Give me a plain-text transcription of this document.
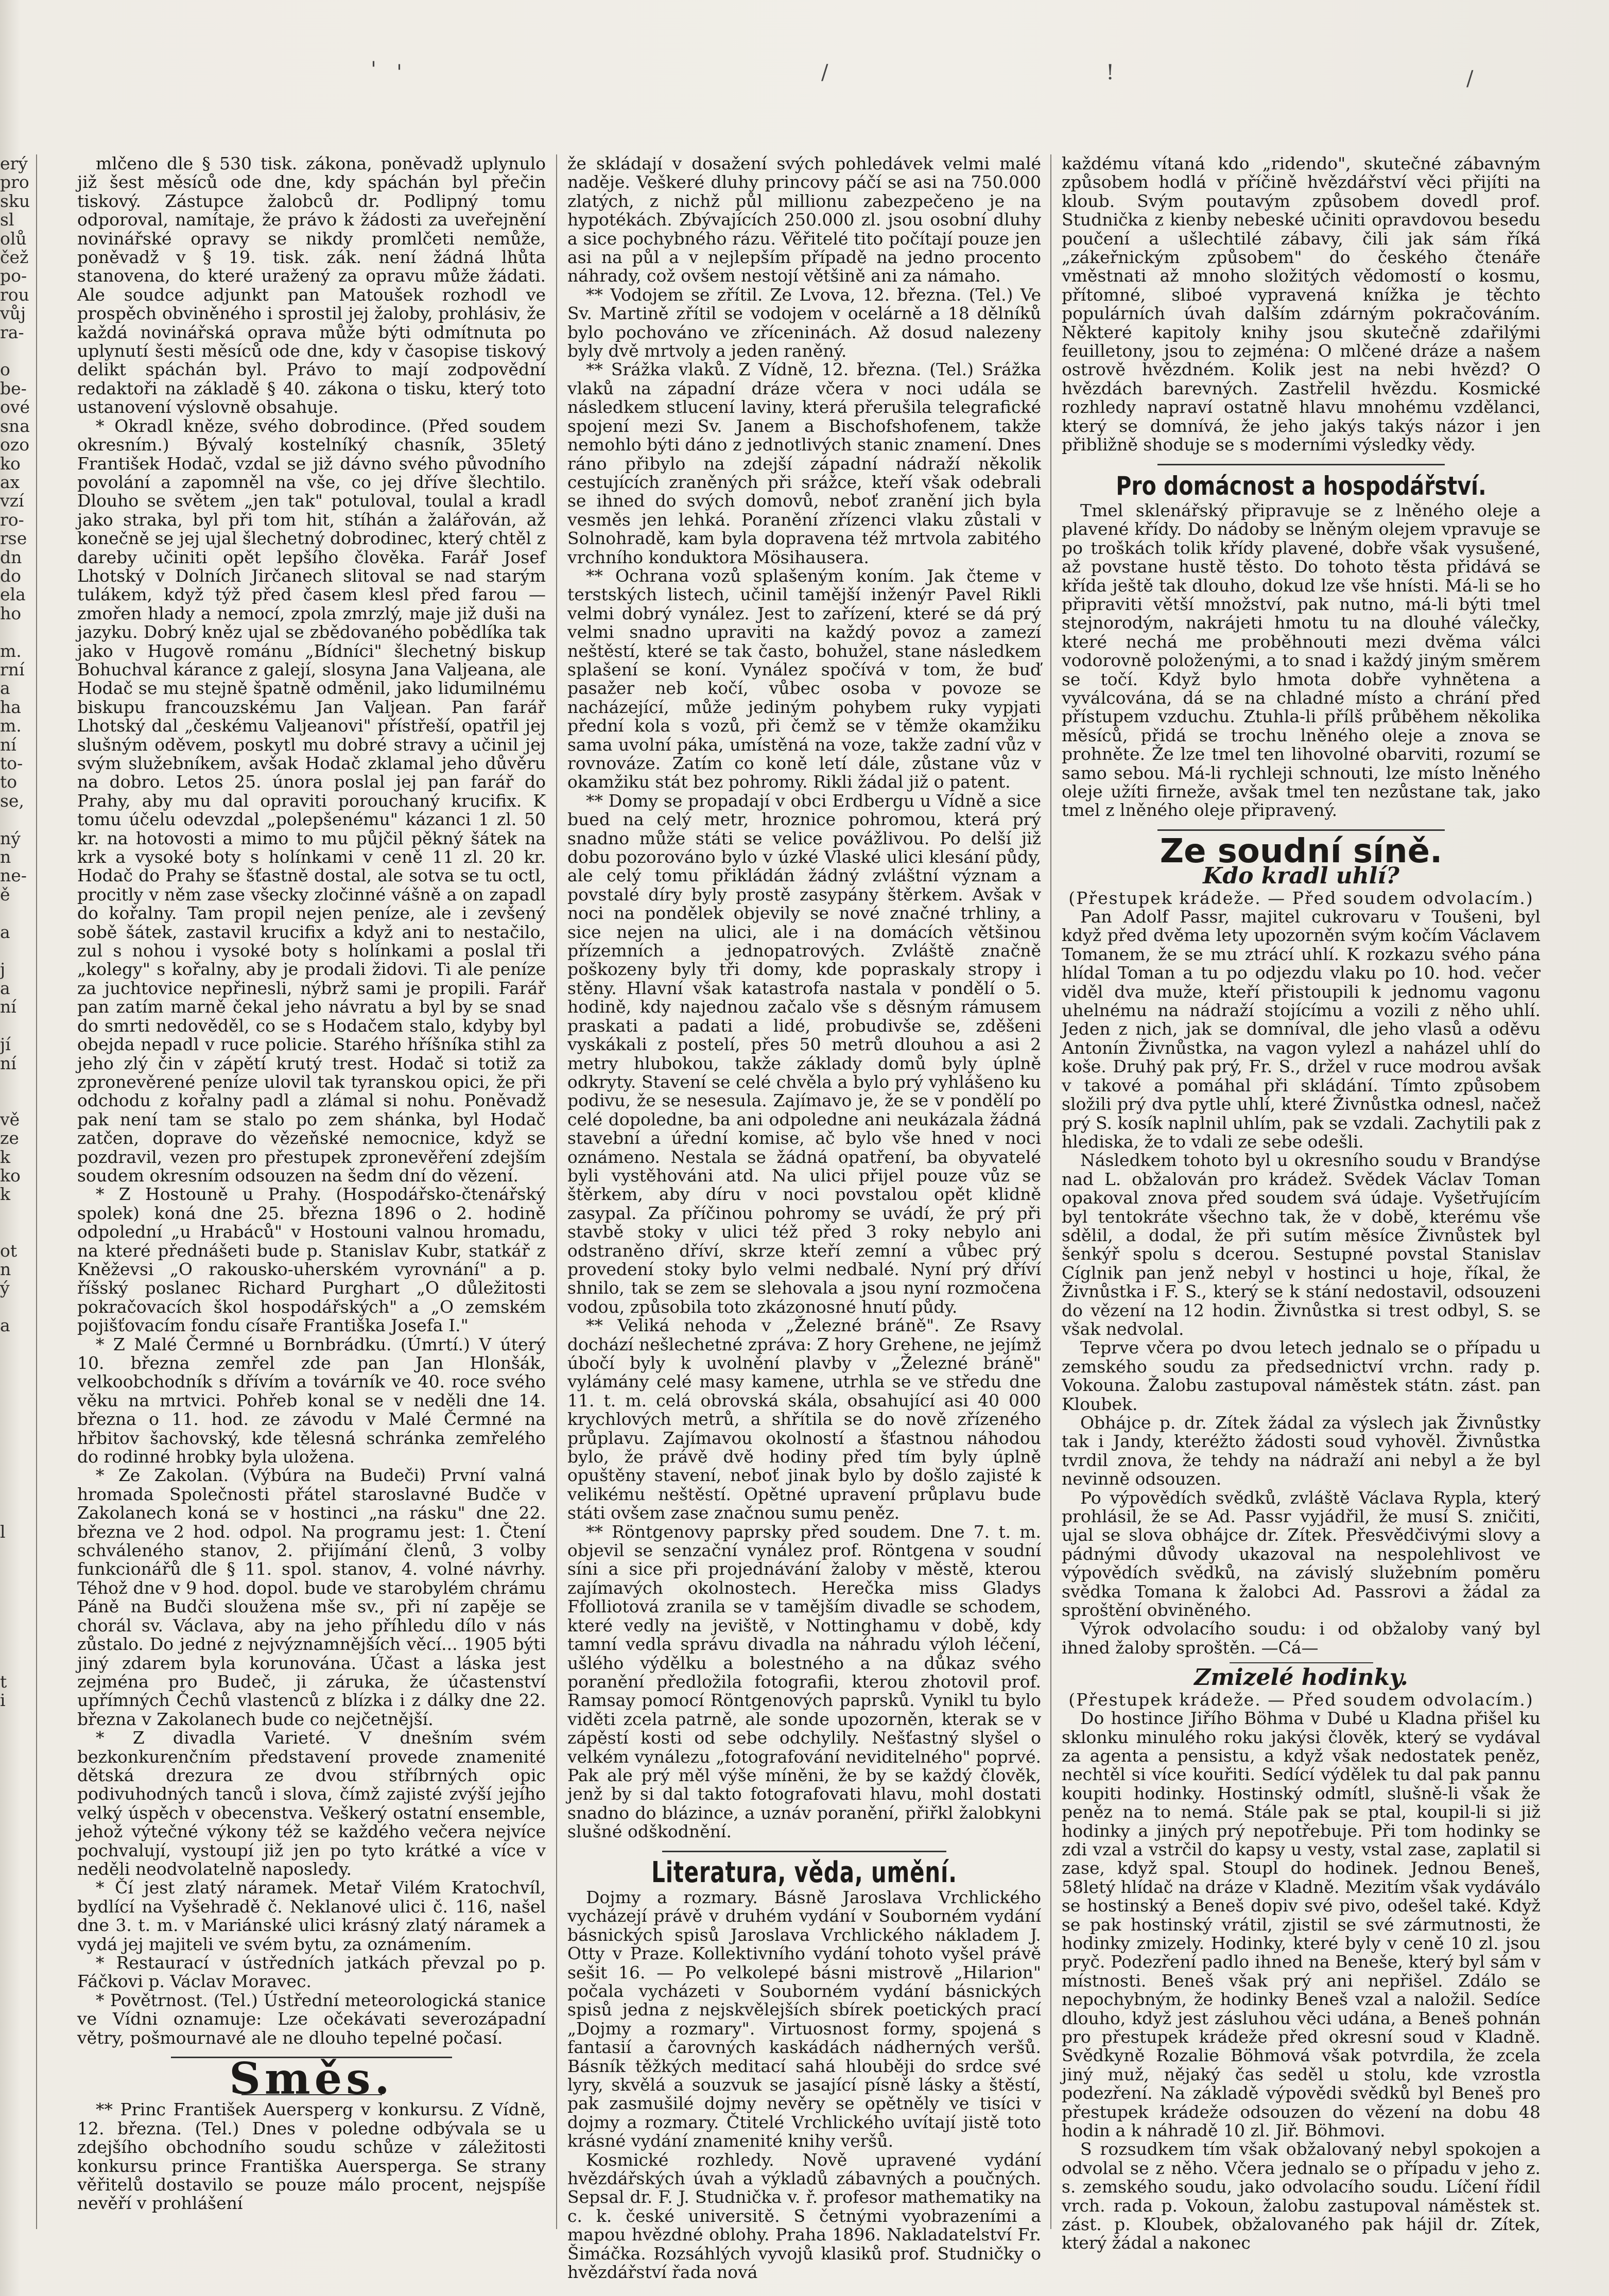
' '	/	!	/
erý
pro
sku
sl
olů
čež
po-
rou
vůj
ra-

o
be-
ové
sna
ozo
ko
ax
vzí
ro-
rse
dn
do
ela
ho

m.
rní
a
ha
m.
ní
to-
to
se,

ný
n
ne-
ě

a

j
a
ní

jí
ní

vě
ze
k
ko
k

ot
n
ý

a

l

t
i

mlčeno dle § 530 tisk. zákona, poněvadž uplynulo již šest měsíců ode dne, kdy spáchán byl přečin tiskový. Zástupce žalobců dr. Podlipný tomu odporoval, namítaje, že právo k žádosti za uveřejnění novinářské opravy se nikdy promlčeti nemůže, poněvadž v § 19. tisk. zák. není žádná lhůta stanovena, do které uražený za opravu může žádati. Ale soudce adjunkt pan Matoušek rozhodl ve prospěch obviněného i sprostil jej žaloby, prohlásiv, že každá novinářská oprava může býti odmítnuta po uplynutí šesti měsíců ode dne, kdy v časopise tiskový delikt spáchán byl. Právo to mají zodpovědní redaktoři na základě § 40. zákona o tisku, který toto ustanovení výslovně obsahuje.

* Okradl kněze, svého dobrodince. (Před soudem okresním.) Bývalý kostelníký chasník, 35letý František Hodač, vzdal se již dávno svého původního povolání a zapomněl na vše, co jej dříve šlechtilo. Dlouho se světem „jen tak" potuloval, toulal a kradl jako straka, byl při tom hit, stíhán a žalářován, až konečně se jej ujal šlechetný dobrodinec, který chtěl z dareby učiniti opět lepšího člověka. Farář Josef Lhotský v Dolních Jirčanech slitoval se nad starým tulákem, když týž před časem klesl před farou — zmořen hlady a nemocí, zpola zmrzlý, maje již duši na jazyku. Dobrý kněz ujal se zbědovaného pobědlíka tak jako v Hugově románu „Bídníci" šlechetný biskup Bohuchval kárance z galejí, slosyna Jana Valjeana, ale Hodač se mu stejně špatně odměnil, jako lidumilnému biskupu francouzskému Jan Valjean. Pan farář Lhotský dal „českému Valjeanovi" přístřeší, opatřil jej slušným oděvem, poskytl mu dobré stravy a učinil jej svým služebníkem, avšak Hodač zklamal jeho důvěru na dobro. Letos 25. února poslal jej pan farář do Prahy, aby mu dal opraviti porouchaný krucifix. K tomu účelu odevzdal „polepšenému" kázanci 1 zl. 50 kr. na hotovosti a mimo to mu půjčil pěkný šátek na krk a vysoké boty s holínkami v ceně 11 zl. 20 kr. Hodač do Prahy se šťastně dostal, ale sotva se tu octl, procitly v něm zase všecky zločinné vášně a on zapadl do kořalny. Tam propil nejen peníze, ale i zevšený sobě šátek, zastavil krucifix a když ani to nestačilo, zul s nohou i vysoké boty s holínkami a poslal tři „kolegy" s kořalny, aby je prodali židovi. Ti ale peníze za juchtovice nepřinesli, nýbrž sami je propili. Farář pan zatím marně čekal jeho návratu a byl by se snad do smrti nedověděl, co se s Hodačem stalo, kdyby byl obejda nepadl v ruce policie. Starého hříšníka stihl za jeho zlý čin v zápětí krutý trest. Hodač si totiž za zpronevěrené peníze ulovil tak tyranskou opici, že při odchodu z kořalny padl a zlámal si nohu. Poněvadž pak není tam se stalo po zem shánka, byl Hodač zatčen, doprave do vězeňské nemocnice, když se pozdravil, vezen pro přestupek zpronevěření zdejším soudem okresním odsouzen na šedm dní do vězení.

* Z Hostouně u Prahy. (Hospodářsko-čtenářský spolek) koná dne 25. března 1896 o 2. hodině odpolední „u Hrabáců" v Hostouni valnou hromadu, na které přednášeti bude p. Stanislav Kubr, statkář z Kněževsi „O rakousko-uherském vyrovnání" a p. říšský poslanec Richard Purghart „O důležitosti pokračovacích škol hospodářských" a „O zemském pojišťovacím fondu císaře Františka Josefa I."

* Z Malé Čermné u Bornbrádku. (Úmrtí.) V úterý 10. března zemřel zde pan Jan Hlonšák, velkoobchodník s dřívím a továrník ve 40. roce svého věku na mrtvici. Pohřeb konal se v neděli dne 14. března o 11. hod. ze závodu v Malé Čermné na hřbitov šachovský, kde tělesná schránka zemřelého do rodinné hrobky byla uložena.

* Ze Zakolan. (Výbúra na Budeči) První valná hromada Společnosti přátel staroslavné Budče v Zakolanech koná se v hostinci „na rásku" dne 22. března ve 2 hod. odpol. Na programu jest: 1. Čtení schváleného stanov, 2. přijímání členů, 3 volby funkcionářů dle § 11. spol. stanov, 4. volné návrhy. Téhož dne v 9 hod. dopol. bude ve starobylém chrámu Páně na Budči sloužena mše sv., při ní zapěje se chorál sv. Václava, aby na jeho příhledu dílo v nás zůstalo. Do jedné z nejvýznamnějších věcí... 1905 býti jiný zdarem byla korunována. Účast a láska jest zejména pro Budeč, ji záruka, že účastenství upřímných Čechů vlastenců z blízka i z dálky dne 22. března v Zakolanech bude co nejčetnější.

* Z divadla Varieté. V dnešním svém bezkonkurenčním představení provede znamenité dětská drezura ze dvou stříbrných opic podivuhodných tanců i slova, čímž zajisté zvýší jejího velký úspěch v obecenstva. Veškerý ostatní ensemble, jehož výtečné výkony též se každého večera nejvíce pochvalují, vystoupí již jen po tyto krátké a více v neděli neodvolatelně naposledy.

* Čí jest zlatý náramek. Metař Vilém Kratochvíl, bydlící na Vyšehradě č. Neklanové ulici č. 116, našel dne 3. t. m. v Mariánské ulici krásný zlatý náramek a vydá jej majiteli ve svém bytu, za oznámením.

* Restaurací v ústředních jatkách převzal po p. Fáčkovi p. Václav Moravec.

* Povětrnost. (Tel.) Ústřední meteorologická stanice ve Vídni oznamuje: Lze očekávati severozápadní větry, pošmournavé ale ne dlouho tepelné počasí.

Směs.

** Princ František Auersperg v konkursu. Z Vídně, 12. března. (Tel.) Dnes v poledne odbývala se u zdejšího obchodního soudu schůze v záležitosti konkursu prince Františka Auersperga. Se strany věřitelů dostavilo se pouze málo procent, nejspíše nevěří v prohlášení

že skládají v dosažení svých pohledávek velmi malé naděje. Veškeré dluhy princovy páčí se asi na 750.000 zlatých, z nichž půl millionu zabezpečeno je na hypotékách. Zbývajících 250.000 zl. jsou osobní dluhy a sice pochybného rázu. Věřitelé tito počítají pouze jen asi na půl a v nejlepším případě na jedno procento náhrady, což ovšem nestojí většině ani za námaho.

** Vodojem se zřítil. Ze Lvova, 12. března. (Tel.) Ve Sv. Martině zřítil se vodojem v ocelárně a 18 dělníků bylo pochováno ve zříceninách. Až dosud nalezeny byly dvě mrtvoly a jeden raněný.

** Srážka vlaků. Z Vídně, 12. března. (Tel.) Srážka vlaků na západní dráze včera v noci udála se následkem stlucení laviny, která přerušila telegrafické spojení mezi Sv. Janem a Bischofshofenem, takže nemohlo býti dáno z jednotlivých stanic znamení. Dnes ráno přibylo na zdejší západní nádraží několik cestujících zraněných při srážce, kteří však odebrali se ihned do svých domovů, neboť zranění jich byla vesměs jen lehká. Poranění zřízenci vlaku zůstali v Solnohradě, kam byla dopravena též mrtvola zabitého vrchního konduktora Mösihausera.

** Ochrana vozů splašeným koním. Jak čteme v terstských listech, učinil tamější inženýr Pavel Rikli velmi dobrý vynález. Jest to zařízení, které se dá prý velmi snadno upraviti na každý povoz a zamezí neštěstí, které se tak často, bohužel, stane následkem splašení se koní. Vynález spočívá v tom, že buď pasažer neb kočí, vůbec osoba v povoze se nacházející, může jediným pohybem ruky vypjati přední kola s vozů, při čemž se v těmže okamžiku sama uvolní páka, umístěná na voze, takže zadní vůz v rovnováze. Zatím co koně letí dále, zůstane vůz v okamžiku stát bez pohromy. Rikli žádal již o patent.

** Domy se propadají v obci Erdbergu u Vídně a sice bued na celý metr, hroznice pohromou, která prý snadno může státi se velice povážlivou. Po delší již dobu pozorováno bylo v úzké Vlaské ulici klesání půdy, ale celý tomu přikládán žádný zvláštní význam a povstalé díry byly prostě zasypány štěrkem. Avšak v noci na pondělek objevily se nové značné trhliny, a sice nejen na ulici, ale i na domácích většinou přízemních a jednopatrových. Zvláště značně poškozeny byly tři domy, kde popraskaly stropy i stěny. Hlavní však katastrofa nastala v pondělí o 5. hodině, kdy najednou začalo vše s děsným rámusem praskati a padati a lidé, probudivše se, zděšeni vyskákali z postelí, přes 50 metrů dlouhou a asi 2 metry hlubokou, takže základy domů byly úplně odkryty. Stavení se celé chvěla a bylo prý vyhlášeno ku podivu, že se nesesula. Zajímavo je, že se v pondělí po celé dopoledne, ba ani odpoledne ani neukázala žádná stavební a úřední komise, ač bylo vše hned v noci oznámeno. Nestala se žádná opatření, ba obyvatelé byli vystěhováni atd. Na ulici přijel pouze vůz se štěrkem, aby díru v noci povstalou opět klidně zasypal. Za příčinou pohromy se uvádí, že prý při stavbě stoky v ulici též před 3 roky nebylo ani odstraněno dříví, skrze kteří zemní a vůbec prý provedení stoky bylo velmi nedbalé. Nyní prý dříví shnilo, tak se zem se slehovala a jsou nyní rozmočena vodou, způsobila toto zkázonosné hnutí půdy.

** Veliká nehoda v „Železné bráně". Ze Rsavy dochází nešlechetné zpráva: Z hory Grehene, ne jejímž úbočí byly k uvolnění plavby v „Železné bráně" vylámány celé masy kamene, utrhla se ve středu dne 11. t. m. celá obrovská skála, obsahující asi 40 000 krychlových metrů, a shřítila se do nově zřízeného průplavu. Zajímavou okolností a šťastnou náhodou bylo, že právě dvě hodiny před tím byly úplně opuštěny stavení, neboť jinak bylo by došlo zajisté k velikému neštěstí. Opětné upravení průplavu bude státi ovšem zase značnou sumu peněz.

** Röntgenovy paprsky před soudem. Dne 7. t. m. objevil se senzační vynález prof. Röntgena v soudní síni a sice při projednávání žaloby v městě, kterou zajímavých okolnostech. Herečka miss Gladys Ffolliotová zranila se v tamějším divadle se schodem, které vedly na jeviště, v Nottinghamu v době, kdy tamní vedla správu divadla na náhradu výloh léčení, ušlého výdělku a bolestného a na důkaz svého poranění předložila fotografii, kterou zhotovil prof. Ramsay pomocí Röntgenových paprsků. Vynikl tu bylo viděti zcela patrně, ale sonde upozorněn, kterak se v zápěstí kosti od sebe odchylily. Nešťastný slyšel o velkém vynálezu „fotografování neviditelného" poprvé. Pak ale prý měl výše míněni, že by se každý člověk, jenž by si dal takto fotografovati hlavu, mohl dostati snadno do blázince, a uznáv poranění, přiřkl žalobkyni slušné odškodnění.

Literatura, věda, umění.

Dojmy a rozmary. Básně Jaroslava Vrchlického vycházejí právě v druhém vydání v Souborném vydání básnických spisů Jaroslava Vrchlického nákladem J. Otty v Praze. Kollektivního vydání tohoto vyšel právě sešit 16. — Po velkolepé básni mistrově „Hilarion" počala vycházeti v Souborném vydání básnických spisů jedna z nejskvělejších sbírek poetických prací „Dojmy a rozmary". Virtuosnost formy, spojená s fantasií a čarovných kaskádách nádherných veršů. Básník těžkých meditací sahá hlouběji do srdce své lyry, skvělá a souzvuk se jasající písně lásky a štěstí, pak zasmušilé dojmy nevěry se opětněly ve tisíci v dojmy a rozmary. Čtitelé Vrchlického uvítají jistě toto krásné vydání znamenité knihy veršů.

Kosmické rozhledy. Nově upravené vydání hvězdářských úvah a výkladů zábavných a poučných. Sepsal dr. F. J. Studnička v. ř. profesor mathematiky na c. k. české universitě. S četnými vyobrazeními a mapou hvězdné oblohy. Praha 1896. Nakladatelství Fr. Šimáčka. Rozsáhlých vyvojů klasiků prof. Studničky o hvězdářství řada nová

každému vítaná kdo „ridendo", skutečné zábavným způsobem hodlá v příčině hvězdářství věci přijíti na kloub. Svým poutavým způsobem dovedl prof. Studnička z kienby nebeské učiniti opravdovou besedu poučení a ušlechtilé zábavy, čili jak sám říká „zákeřnickým způsobem" do českého čtenáře vměstnati až mnoho složitých vědomostí o kosmu, přítomné, sliboé vypravená knížka je těchto populárních úvah dalším zdárným pokračováním. Některé kapitoly knihy jsou skutečně zdařilými feuilletony, jsou to zejména: O mlčené dráze a našem ostrově hvězdném. Kolik jest na nebi hvězd? O hvězdách barevných. Zastřelil hvězdu. Kosmické rozhledy napraví ostatně hlavu mnohému vzdělanci, který se domnívá, že jeho jakýs takýs názor i jen přibližně shoduje se s moderními výsledky vědy.

Pro domácnost a hospodářství.

Tmel sklenářský připravuje se z lněného oleje a plavené křídy. Do nádoby se lněným olejem vpravuje se po troškách tolik křídy plavené, dobře však vysušené, až povstane hustě těsto. Do tohoto těsta přidává se křída ještě tak dlouho, dokud lze vše hnísti. Má-li se ho připraviti větší množství, pak nutno, má-li býti tmel stejnorodým, nakrájeti hmotu tu na dlouhé válečky, které nechá me proběhnouti mezi dvěma válci vodorovně položenými, a to snad i každý jiným směrem se točí. Když bylo hmota dobře vyhnětena a vyválcována, dá se na chladné místo a chrání před přístupem vzduchu. Ztuhla-li přílš průběhem několika měsíců, přidá se trochu lněného oleje a znova se prohněte. Že lze tmel ten lihovolné obarviti, rozumí se samo sebou. Má-li rychleji schnouti, lze místo lněného oleje užíti firneže, avšak tmel ten nezůstane tak, jako tmel z lněného oleje připravený.

Ze soudní síně.
Kdo kradl uhlí?
(Přestupek krádeže. — Před soudem odvolacím.)

Pan Adolf Passr, majitel cukrovaru v Toušeni, byl když před dvěma lety upozorněn svým kočím Václavem Tomanem, že se mu ztrácí uhlí. K rozkazu svého pána hlídal Toman a tu po odjezdu vlaku po 10. hod. večer viděl dva muže, kteří přistoupili k jednomu vagonu uhelnému na nádraží stojícímu a vozili z něho uhlí. Jeden z nich, jak se domníval, dle jeho vlasů a oděvu Antonín Živnůstka, na vagon vylezl a naházel uhlí do koše. Druhý pak prý, Fr. S., držel v ruce modrou avšak v takové a pomáhal při skládání. Tímto způsobem složili prý dva pytle uhlí, které Živnůstka odnesl, načež prý S. kosík naplnil uhlím, pak se vzdali. Zachytili pak z hlediska, že to vdali ze sebe odešli.

Následkem tohoto byl u okresního soudu v Brandýse nad L. obžalován pro krádež. Svědek Václav Toman opakoval znova před soudem svá údaje. Vyšetřujícím byl tentokráte všechno tak, že v době, kterému vše sdělil, a dodal, že při sutím měsíce Živnůstek byl šenkýř spolu s dcerou. Sestupné povstal Stanislav Cíglnik pan jenž nebyl v hostinci u hoje, říkal, že Živnůstka i F. S., který se k stání nedostavil, odsouzeni do vězení na 12 hodin. Živnůstka si trest odbyl, S. se však nedvolal.

Teprve včera po dvou letech jednalo se o případu u zemského soudu za předsednictví vrchn. rady p. Vokouna. Žalobu zastupoval náměstek státn. zást. pan Kloubek.

Obhájce p. dr. Zítek žádal za výslech jak Živnůstky tak i Jandy, kteréžto žádosti soud vyhověl. Živnůstka tvrdil znova, že tehdy na nádraží ani nebyl a že byl nevinně odsouzen.

Po výpovědích svědků, zvláště Václava Rypla, který prohlásil, že se Ad. Passr vyjádřil, že musí S. zničiti, ujal se slova obhájce dr. Zítek. Přesvědčivými slovy a pádnými důvody ukazoval na nespolehlivost ve výpovědích svědků, na závislý služebním poměru svědka Tomana k žalobci Ad. Passrovi a žádal za sproštění obviněného.

Výrok odvolacího soudu: i od obžaloby vaný byl ihned žaloby sproštěn. —Cá—

Zmizelé hodinky.
(Přestupek krádeže. — Před soudem odvolacím.)

Do hostince Jiřího Böhma v Dubé u Kladna přišel ku sklonku minulého roku jakýsi člověk, který se vydával za agenta a pensistu, a když však nedostatek peněz, nechtěl si více kouřiti. Sedící výdělek tu dal pak pannu koupiti hodinky. Hostinský odmítl, slušně-li však že peněz na to nemá. Stále pak se ptal, koupil-li si již hodinky a jiných prý nepotřebuje. Při tom hodinky se zdi vzal a vstrčil do kapsy u vesty, vstal zase, zaplatil si zase, když spal. Stoupl do hodinek. Jednou Beneš, 58letý hlídač na dráze v Kladně. Mezitím však vydáválo se hostinský a Beneš dopiv své pivo, odešel také. Když se pak hostinský vrátil, zjistil se své zármutnosti, že hodinky zmizely. Hodinky, které byly v ceně 10 zl. jsou pryč. Podezření padlo ihned na Beneše, který byl sám v místnosti. Beneš však prý ani nepřišel. Zdálo se nepochybným, že hodinky Beneš vzal a naložil. Sedíce dlouho, když jest zásluhou věci udána, a Beneš pohnán pro přestupek krádeže před okresní soud v Kladně. Svědkyně Rozalie Böhmová však potvrdila, že zcela jiný muž, nějaký čas seděl u stolu, kde vzrostla podezření. Na základě výpovědi svědků byl Beneš pro přestupek krádeže odsouzen do vězení na dobu 48 hodin a k náhradě 10 zl. Jiř. Böhmovi.

S rozsudkem tím však obžalovaný nebyl spokojen a odvolal se z něho. Včera jednalo se o případu v jeho z. s. zemského soudu, jako odvolacího soudu. Líčení řídil vrch. rada p. Vokoun, žalobu zastupoval náměstek st. zást. p. Kloubek, obžalovaného pak hájil dr. Zítek, který žádal a nakonec
